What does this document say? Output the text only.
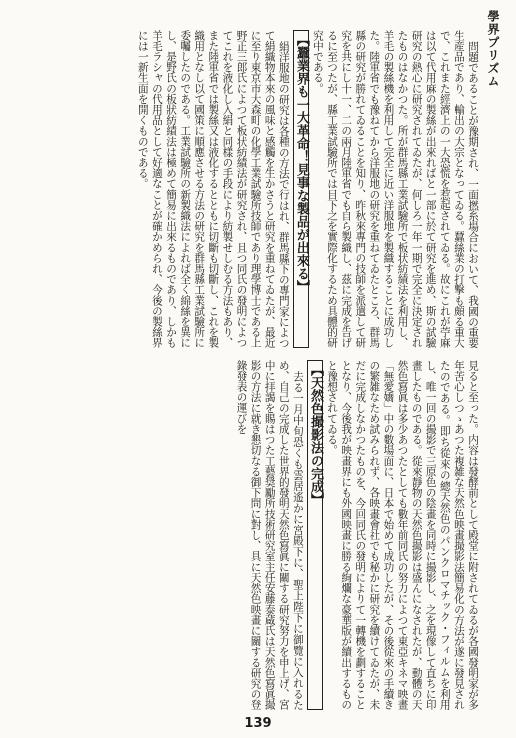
學界プリズム

問題であることが豫期され、一面撚糸場合において、我國の重要生産品であり、輸出の大宗となってゐる。蠶絲業の打撃も頗る重大で、これまた經濟上の一大恐慌を惹起されてゐる。故にこれが苧麻は以て代用麻の製絲が出來ればと一部に於て研究を進め、斯の試驗研究の熱心に研究されてゐたが、何しろ一年一期で完全に決定されたものはなかつた。所が群馬縣工業試驗所で板状紡績法を利用し、羊毛の製絲機を利用して完全に近い洋服地を製織することに成功した。陸軍省でも豫ねてから洋服地の研究を重ねてゐたところ、群馬縣の研究が勝れてゐることを知り、昨秋來專門の技師を派遣して研究を共にし十一、二の兩月陸軍省でも自ら製織し、茲に完成を告げるに至つたが、縣工業試驗所では目下之を實際化するため具體的研究中である。

【蠶業界も一大革命！見事な製品が出來る】

絹洋服地の研究は各種の方法で行はれ、群馬縣下の專門家によつて絹織物本來の風味と感觸を生かさうと研究を重ねてゐたが、最近に至り東京市大森町の化學工業試驗所技師であり理學博士である上野正三郎氏によつて板状紡績法が研究され、且つ同氏の發明によつてこれを液化し入絹と同樣の手段により紡製せしむる方法もあり、また陸軍省では製絲又は液化するとともに切斷も切斷し、これを製織用となし以て國策に順應させる方法の研究を群馬縣工業試驗所に委囑したのである。工業試驗所の新製織法によれば全く綿絲を異にし、是野氏の板狀紡績法は極めて簡易に出來るものであり、しかも羊毛ラシャの代用品として好適なことが確かめられ、今後の製絲界には一新生面を開くものである。

見ると至った。内容は發酵前として殿堂に附されてゐるが各國發明家が多年苦心しつゝあつた複雑な天然色映畫撮影法簡易化の方法が遂に發見されたのである。即ち從來の總天然色のパンクロマチック・フィルムを利用し、唯一回の撮影で三原色の陰畫を同時に撮影し、之を現像して直ちに印畫したものである。從來靜物の天然色撮影は盛んになされたが、動體の天然色寫眞は多少あつたとしても數年前同氏の努力によつて東亞キネマ映畫「無愛嬌」中の數場面に、日本で始めて成功したが、その後從來の手續きの繁雑なため試みられず、各映畫會社でも秘かに研究を續けてゐたが、未だに完成しなかつたものを、今回同氏の發明によりて一轉機を劃することとなり、今後我が映畫界にも外國映畫に勝る絢爛な豪華版が續出するものと豫想されてゐる。

【天然色撮影法の完成】

去る一月中旬恐くも雲居遙かに宮殿下に、聖上陛下に御覽に入れるため、自己の完成した世界的發明天然色寫眞に關する研究努力を申上げ、宮中に拝謁を賜はつた工藝奨勵所技術研究室主任安藤泰蔵氏は天然色寫眞撮影の方法に就き懇切なる御下問に對し、具に天然色映畫に關する研究の登錄發表の運びを

139
